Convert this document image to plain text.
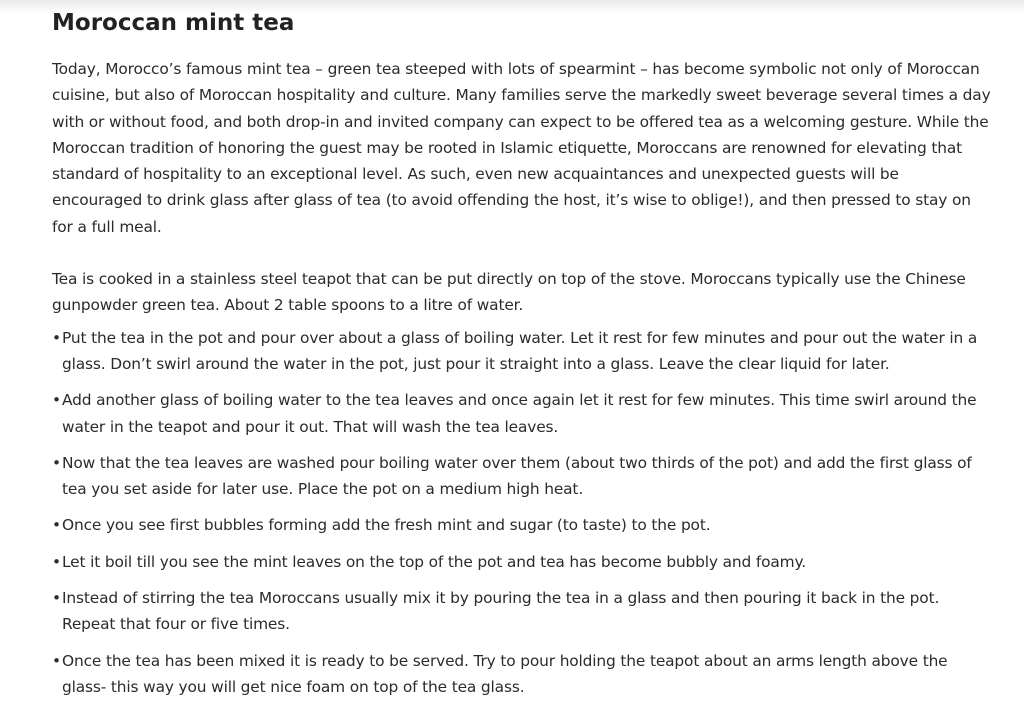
Moroccan mint tea

Today, Morocco’s famous mint tea – green tea steeped with lots of spearmint – has become symbolic not only of Moroccan cuisine, but also of Moroccan hospitality and culture. Many families serve the markedly sweet beverage several times a day with or without food, and both drop-in and invited company can expect to be offered tea as a welcoming gesture. While the Moroccan tradition of honoring the guest may be rooted in Islamic etiquette, Moroccans are renowned for elevating that standard of hospitality to an exceptional level. As such, even new acquaintances and unexpected guests will be encouraged to drink glass after glass of tea (to avoid offending the host, it’s wise to oblige!), and then pressed to stay on for a full meal.

Tea is cooked in a stainless steel teapot that can be put directly on top of the stove. Moroccans typically use the Chinese gunpowder green tea. About 2 table spoons to a litre of water.

• Put the tea in the pot and pour over about a glass of boiling water. Let it rest for few minutes and pour out the water in a glass. Don’t swirl around the water in the pot, just pour it straight into a glass. Leave the clear liquid for later.
• Add another glass of boiling water to the tea leaves and once again let it rest for few minutes. This time swirl around the water in the teapot and pour it out. That will wash the tea leaves.
• Now that the tea leaves are washed pour boiling water over them (about two thirds of the pot) and add the first glass of tea you set aside for later use. Place the pot on a medium high heat.
• Once you see first bubbles forming add the fresh mint and sugar (to taste) to the pot.
• Let it boil till you see the mint leaves on the top of the pot and tea has become bubbly and foamy.
• Instead of stirring the tea Moroccans usually mix it by pouring the tea in a glass and then pouring it back in the pot. Repeat that four or five times.
• Once the tea has been mixed it is ready to be served. Try to pour holding the teapot about an arms length above the glass- this way you will get nice foam on top of the tea glass.
